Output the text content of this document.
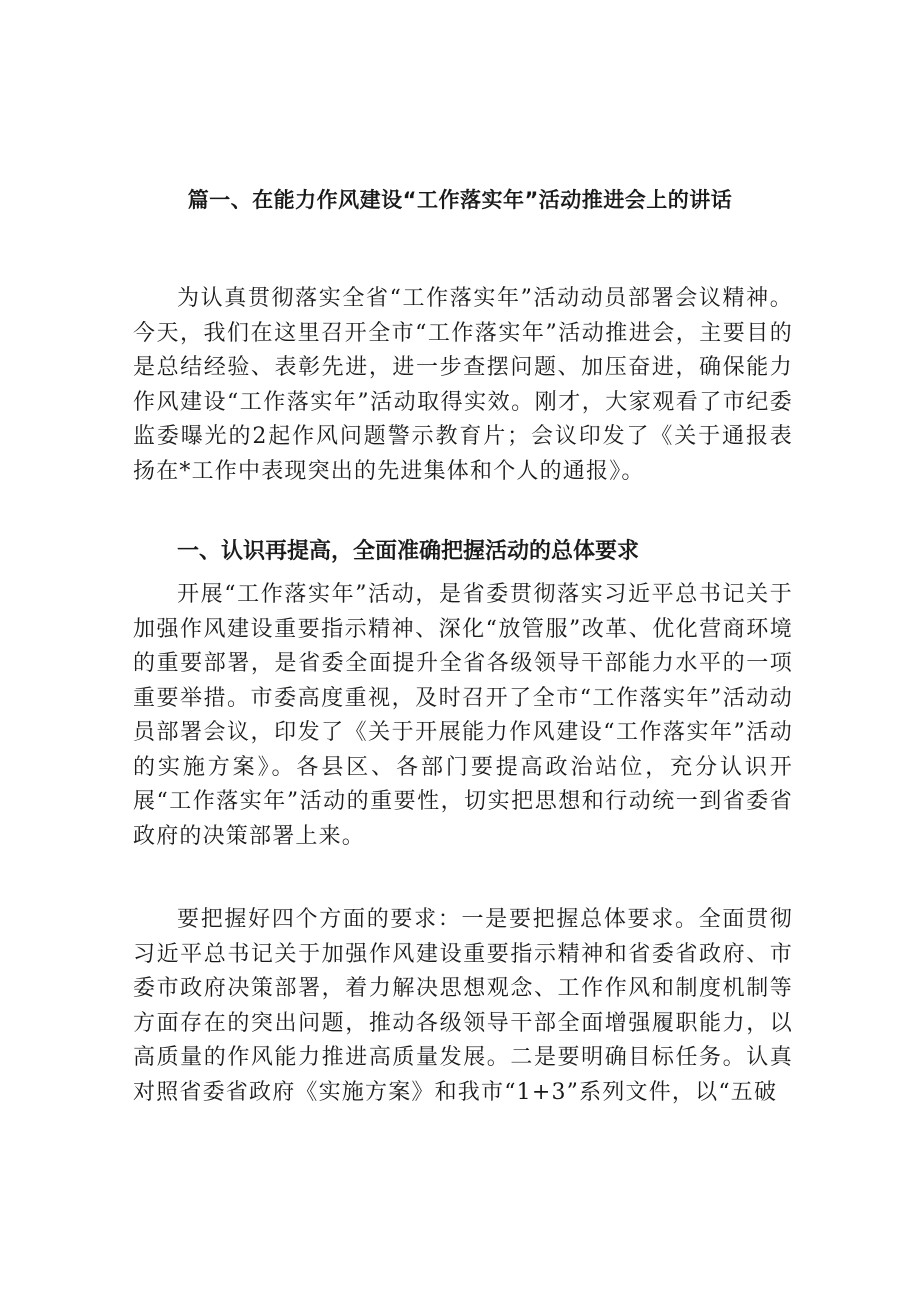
篇一、在能力作风建设“工作落实年”活动推进会上的讲话

为认真贯彻落实全省“工作落实年”活动动员部署会议精神。今天，我们在这里召开全市“工作落实年”活动推进会，主要目的是总结经验、表彰先进，进一步查摆问题、加压奋进，确保能力作风建设“工作落实年”活动取得实效。刚才，大家观看了市纪委监委曝光的2起作风问题警示教育片；会议印发了《关于通报表扬在*工作中表现突出的先进集体和个人的通报》。

一、认识再提高，全面准确把握活动的总体要求

开展“工作落实年”活动，是省委贯彻落实习近平总书记关于加强作风建设重要指示精神、深化“放管服”改革、优化营商环境的重要部署，是省委全面提升全省各级领导干部能力水平的一项重要举措。市委高度重视，及时召开了全市“工作落实年”活动动员部署会议，印发了《关于开展能力作风建设“工作落实年”活动的实施方案》。各县区、各部门要提高政治站位，充分认识开展“工作落实年”活动的重要性，切实把思想和行动统一到省委省政府的决策部署上来。

要把握好四个方面的要求：一是要把握总体要求。全面贯彻习近平总书记关于加强作风建设重要指示精神和省委省政府、市委市政府决策部署，着力解决思想观念、工作作风和制度机制等方面存在的突出问题，推动各级领导干部全面增强履职能力，以高质量的作风能力推进高质量发展。二是要明确目标任务。认真对照省委省政府《实施方案》和我市“1+3”系列文件，以“五破
